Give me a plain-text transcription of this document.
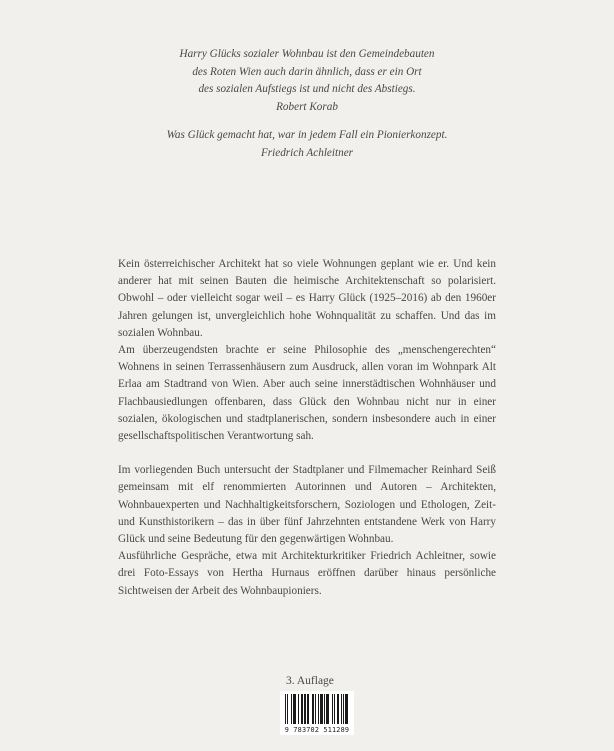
Harry Glücks sozialer Wohnbau ist den Gemeindebauten

des Roten Wien auch darin ähnlich, dass er ein Ort

des sozialen Aufstiegs ist und nicht des Abstiegs.

Robert Korab

Was Glück gemacht hat, war in jedem Fall ein Pionierkonzept.

Friedrich Achleitner

Kein österreichischer Architekt hat so viele Wohnungen geplant wie er. Und kein anderer hat mit seinen Bauten die heimische Architektenschaft so polarisiert. Obwohl – oder vielleicht sogar weil – es Harry Glück (1925–2016) ab den 1960er Jahren gelungen ist, unvergleichlich hohe Wohnqualität zu schaffen. Und das im sozialen Wohnbau.

Am überzeugendsten brachte er seine Philosophie des „menschengerechten“ Wohnens in seinen Terrassenhäusern zum Ausdruck, allen voran im Wohnpark Alt Erlaa am Stadtrand von Wien. Aber auch seine innerstädtischen Wohnhäuser und Flachbausiedlungen offenbaren, dass Glück den Wohnbau nicht nur in einer sozialen, ökologischen und stadtplanerischen, sondern insbesondere auch in einer gesellschaftspolitischen Verantwortung sah.

Im vorliegenden Buch untersucht der Stadtplaner und Filmemacher Reinhard Seiß gemeinsam mit elf renommierten Autorinnen und Autoren – Architekten, Wohnbauexperten und Nachhaltigkeitsforschern, Soziologen und Ethologen, Zeit- und Kunsthistorikern – das in über fünf Jahrzehnten entstandene Werk von Harry Glück und seine Bedeutung für den gegenwärtigen Wohnbau.

Ausführliche Gespräche, etwa mit Architekturkritiker Friedrich Achleitner, sowie drei Foto-Essays von Hertha Hurnaus eröffnen darüber hinaus persönliche Sichtweisen der Arbeit des Wohnbaupioniers.

3. Auflage
9 783702 511289
